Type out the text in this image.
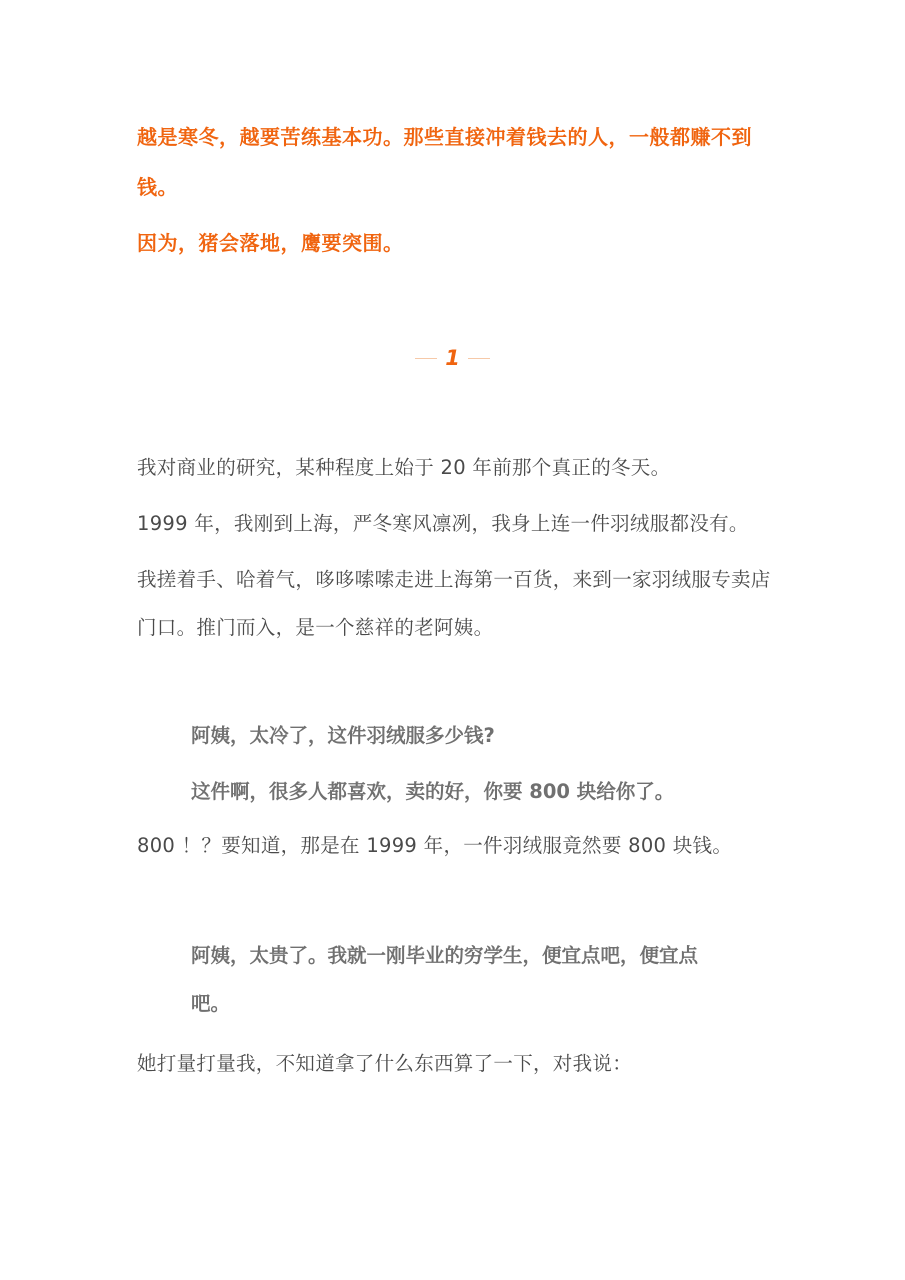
越是寒冬，越要苦练基本功。那些直接冲着钱去的人，一般都赚不到钱。

因为，猪会落地，鹰要突围。

1

我对商业的研究，某种程度上始于 20 年前那个真正的冬天。

1999 年，我刚到上海，严冬寒风凛冽，我身上连一件羽绒服都没有。

我搓着手、哈着气，哆哆嗦嗦走进上海第一百货，来到一家羽绒服专卖店门口。推门而入，是一个慈祥的老阿姨。

阿姨，太冷了，这件羽绒服多少钱?

这件啊，很多人都喜欢，卖的好，你要 800 块给你了。

800 ！？要知道，那是在 1999 年，一件羽绒服竟然要 800 块钱。

阿姨，太贵了。我就一刚毕业的穷学生，便宜点吧，便宜点吧。

她打量打量我，不知道拿了什么东西算了一下，对我说：
